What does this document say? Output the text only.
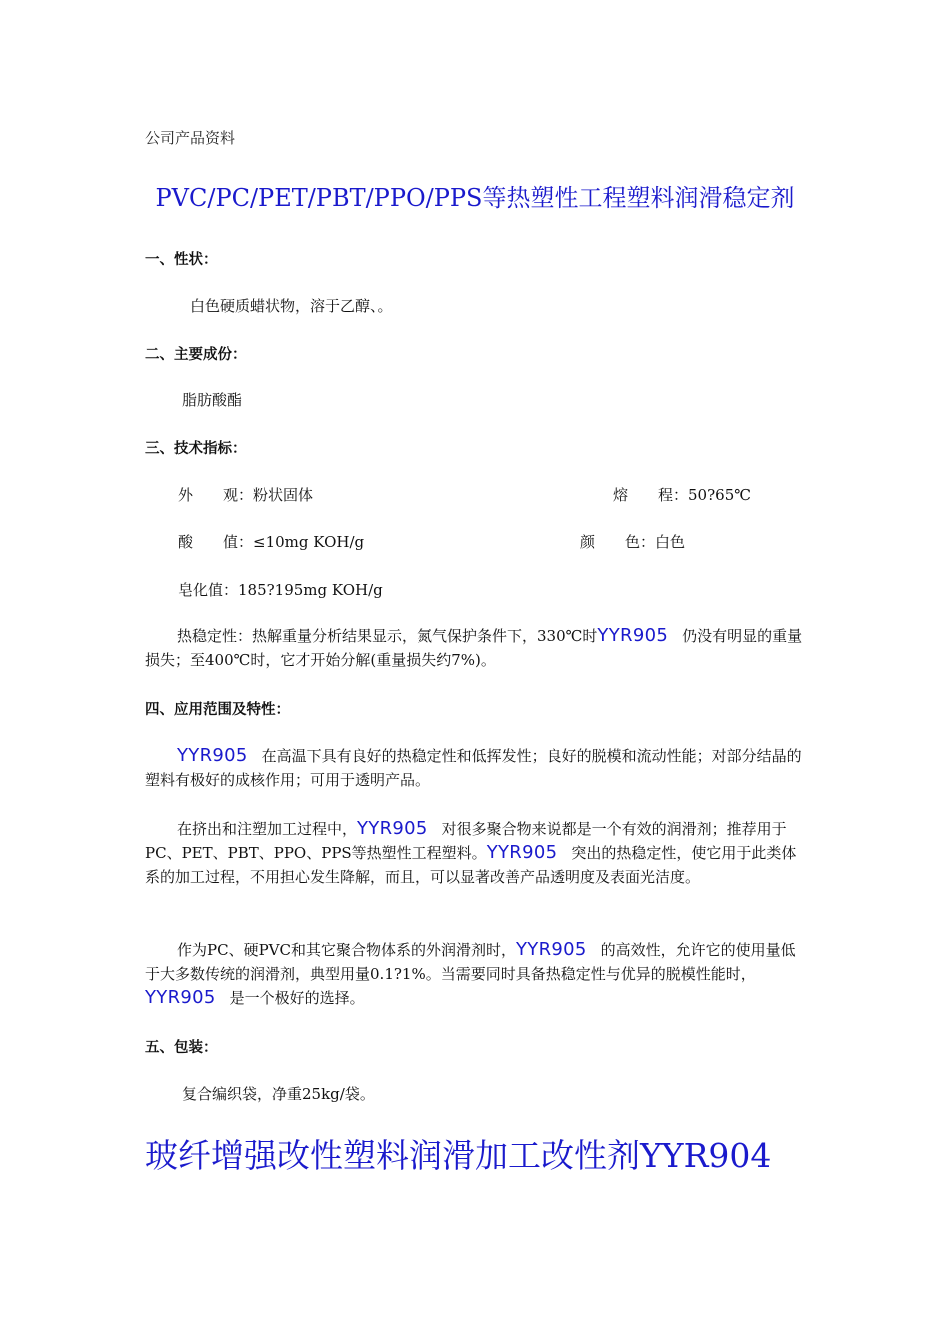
公司产品资料
PVC/PC/PET/PBT/PPO/PPS等热塑性工程塑料润滑稳定剂
一、性状：
白色硬质蜡状物，溶于乙醇、。
二、主要成份：
脂肪酸酯
三、技术指标：
外　　观：粉状固体	熔　　程：50?65℃
酸　　值：≤10mg KOH/g	颜　　色：白色
皂化值：185?195mg KOH/g
热稳定性：热解重量分析结果显示，氮气保护条件下，330℃时YYR905 仍没有明显的重量损失；至400℃时，它才开始分解(重量损失约7%)。
四、应用范围及特性：
YYR905 在高温下具有良好的热稳定性和低挥发性；良好的脱模和流动性能；对部分结晶的塑料有极好的成核作用；可用于透明产品。
在挤出和注塑加工过程中，YYR905 对很多聚合物来说都是一个有效的润滑剂；推荐用于PC、PET、PBT、PPO、PPS等热塑性工程塑料。YYR905 突出的热稳定性，使它用于此类体系的加工过程，不用担心发生降解，而且，可以显著改善产品透明度及表面光洁度。
作为PC、硬PVC和其它聚合物体系的外润滑剂时，YYR905 的高效性，允许它的使用量低于大多数传统的润滑剂，典型用量0.1?1%。当需要同时具备热稳定性与优异的脱模性能时，YYR905 是一个极好的选择。
五、包装：
复合编织袋，净重25kg/袋。
玻纤增强改性塑料润滑加工改性剂YYR904
